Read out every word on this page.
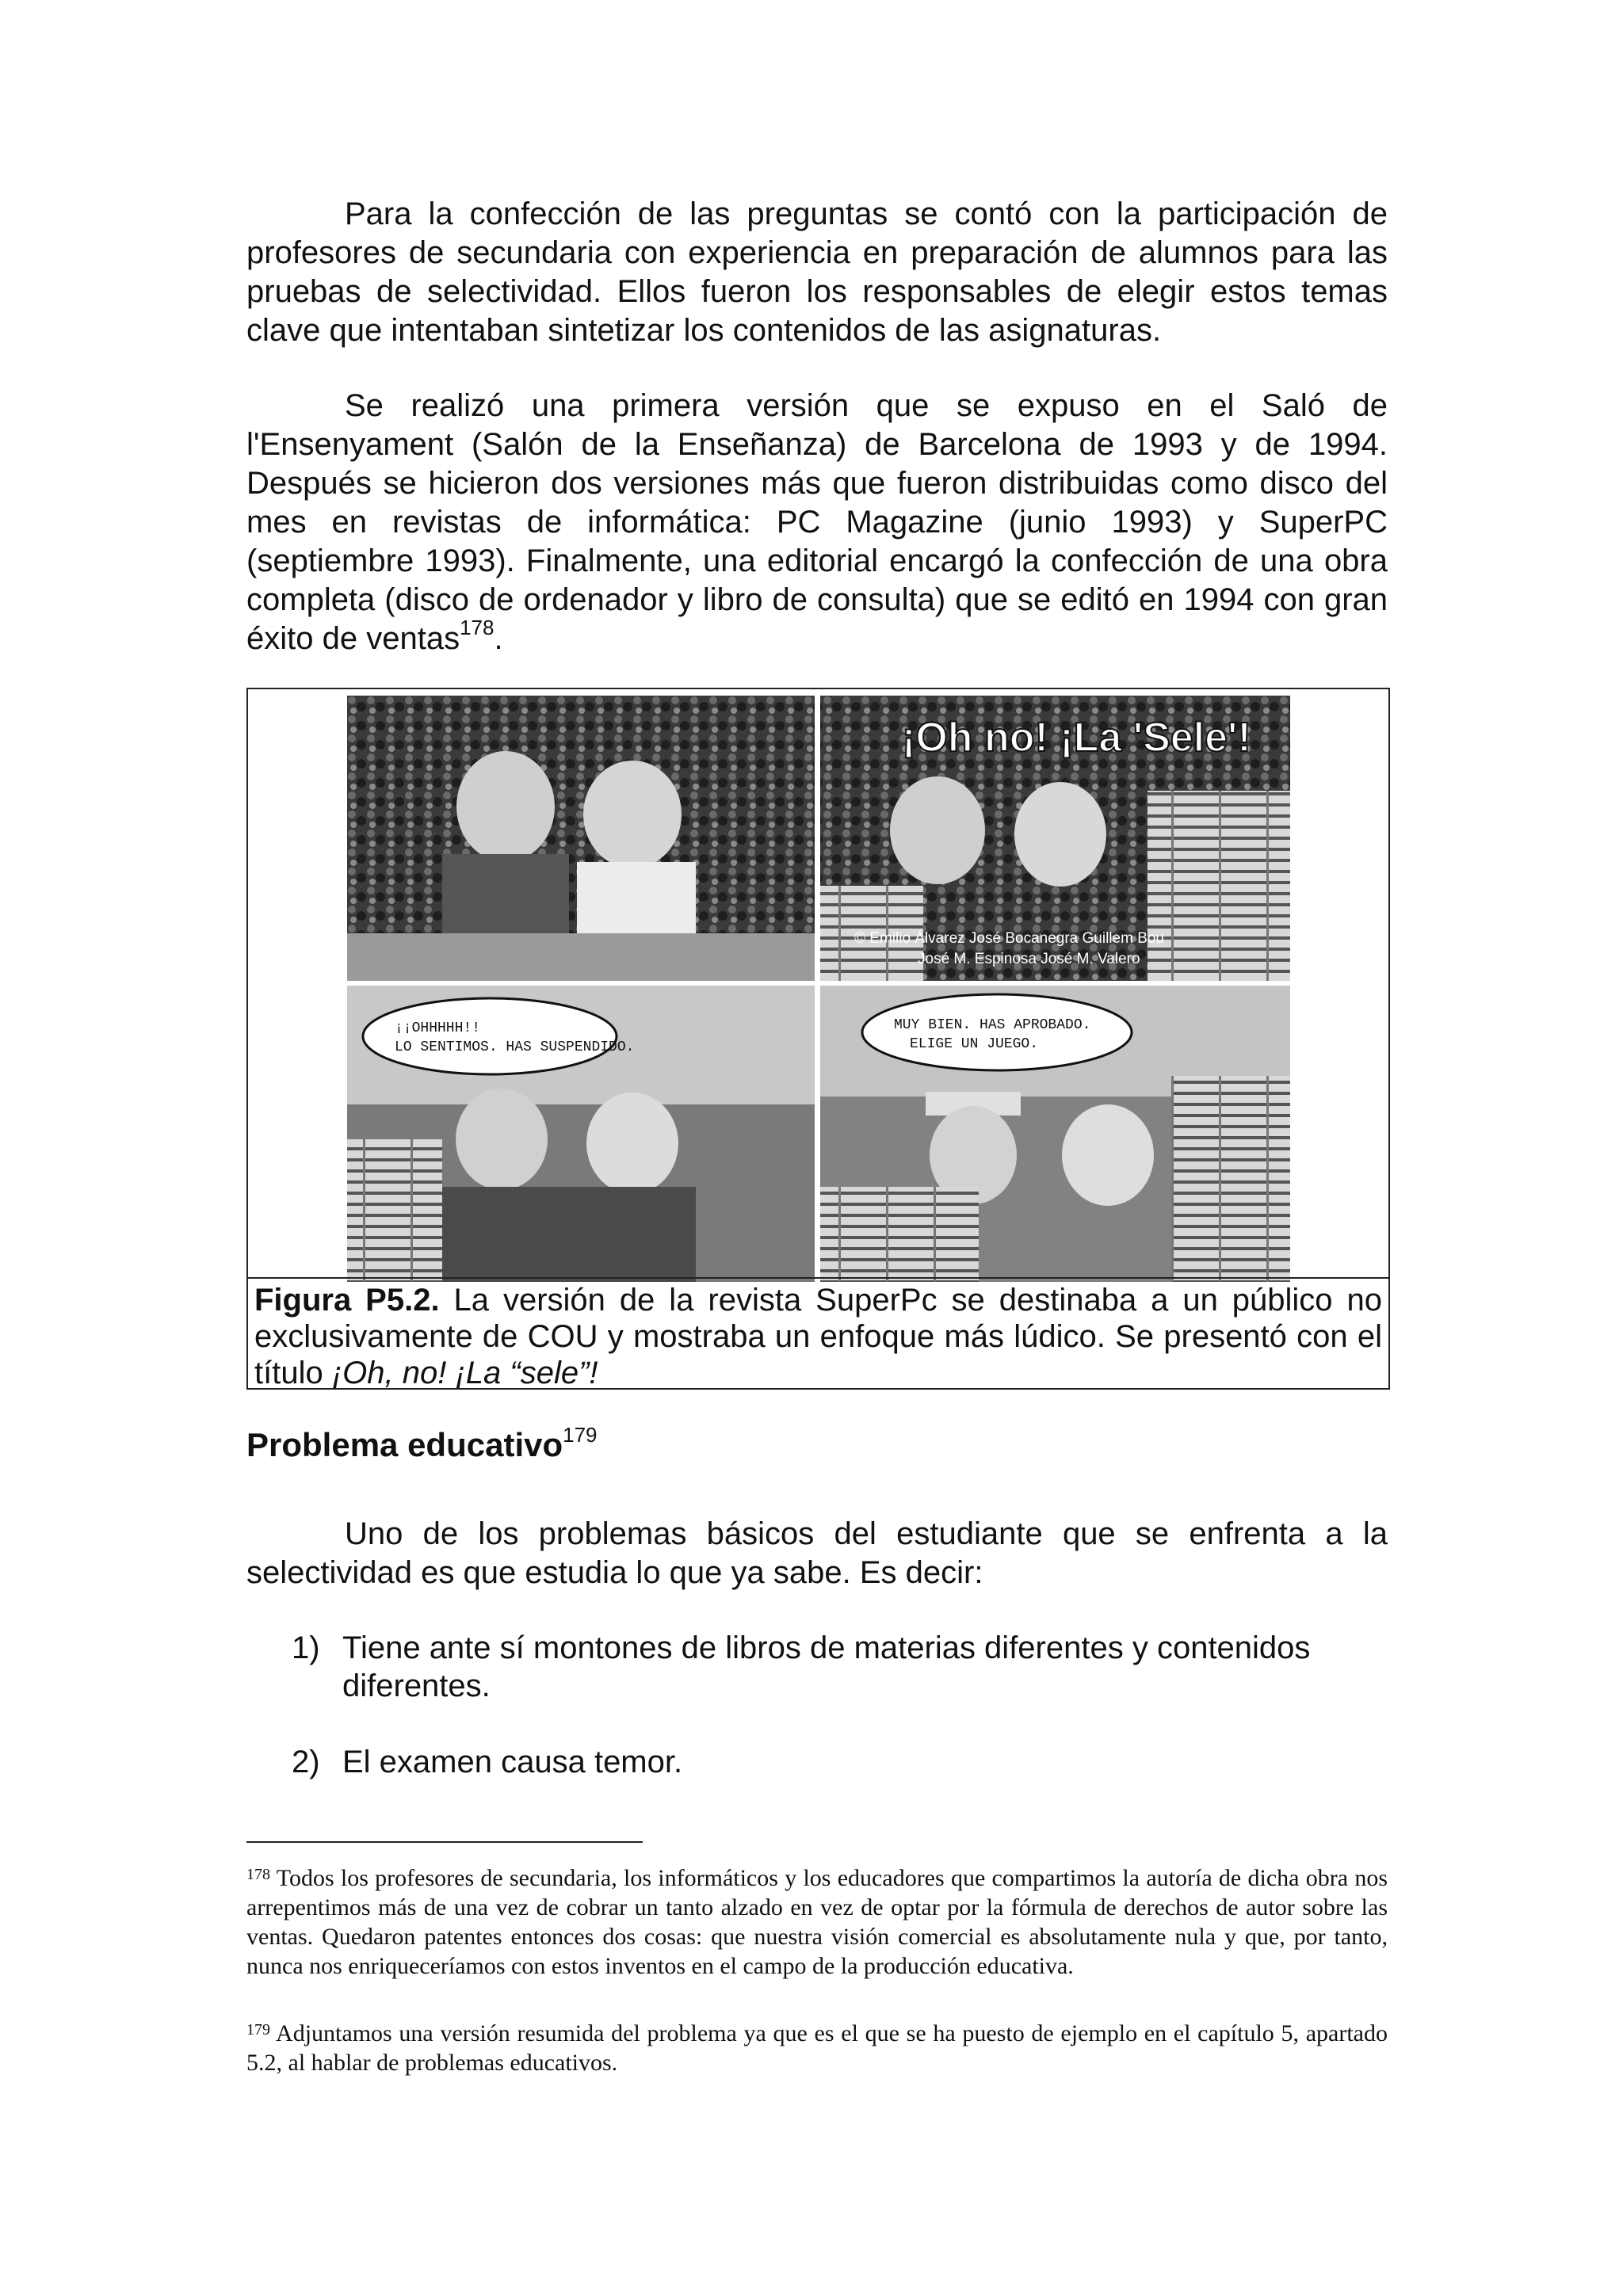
Para la confección de las preguntas se contó con la participación de profesores de secundaria con experiencia en preparación de alumnos para las pruebas de selectividad. Ellos fueron los responsables de elegir estos temas clave que intentaban sintetizar los contenidos de las asignaturas.
Se realizó una primera versión que se expuso en el Saló de l'Ensenyament (Salón de la Enseñanza) de Barcelona de 1993 y de 1994. Después se hicieron dos versiones más que fueron distribuidas como disco del mes en revistas de informática: PC Magazine (junio 1993) y SuperPC (septiembre 1993). Finalmente, una editorial encargó la confección de una obra completa (disco de ordenador y libro de consulta) que se editó en 1994 con gran éxito de ventas$^{178}$.
¡Oh no! ¡La 'Sele'!
© Emilio Álvarez José Bocanegra Guillem Bou
José M. Espinosa José M. Valero
¡¡OHHHHH!!
LO SENTIMOS. HAS SUSPENDIDO.
MUY BIEN. HAS APROBADO.
ELIGE UN JUEGO.
Figura P5.2. La versión de la revista SuperPc se destinaba a un público no exclusivamente de COU y mostraba un enfoque más lúdico. Se presentó con el título ¡Oh, no! ¡La “sele”!
Problema educativo$^{179}$
Uno de los problemas básicos del estudiante que se enfrenta a la selectividad es que estudia lo que ya sabe. Es decir:
1) Tiene ante sí montones de libros de materias diferentes y contenidos diferentes.
2) El examen causa temor.
$^{178}$ Todos los profesores de secundaria, los informáticos y los educadores que compartimos la autoría de dicha obra nos arrepentimos más de una vez de cobrar un tanto alzado en vez de optar por la fórmula de derechos de autor sobre las ventas. Quedaron patentes entonces dos cosas: que nuestra visión comercial es absolutamente nula y que, por tanto, nunca nos enriqueceríamos con estos inventos en el campo de la producción educativa.
$^{179}$ Adjuntamos una versión resumida del problema ya que es el que se ha puesto de ejemplo en el capítulo 5, apartado 5.2, al hablar de problemas educativos.
